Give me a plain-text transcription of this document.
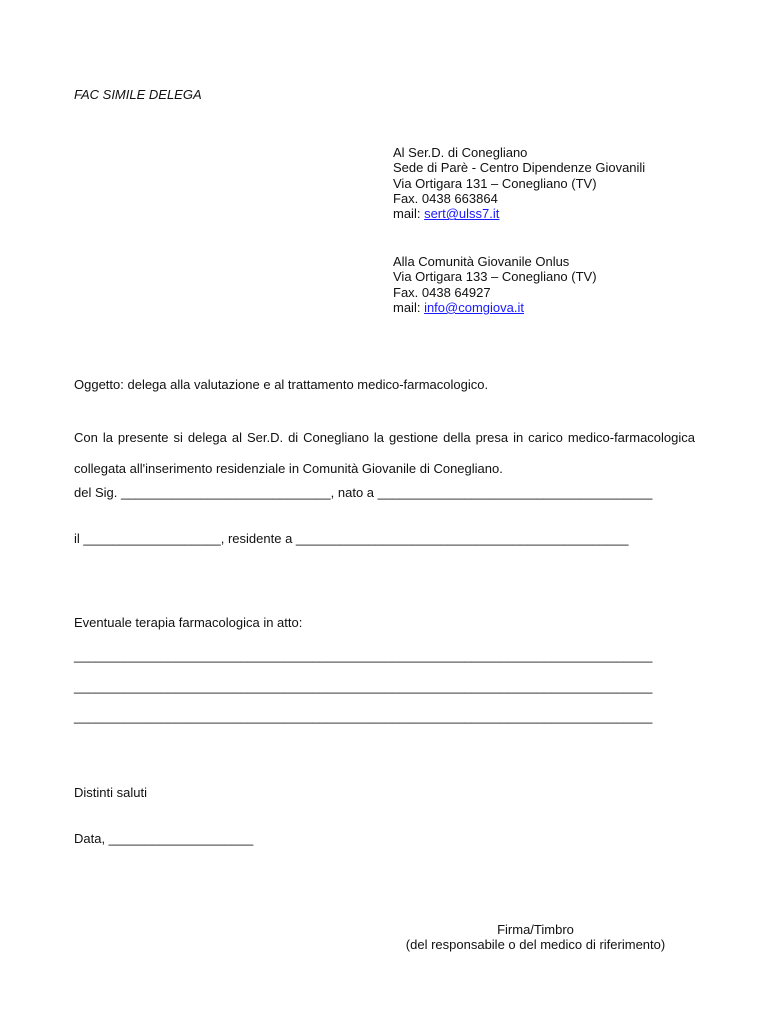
FAC SIMILE DELEGA
Al Ser.D. di Conegliano
Sede di Parè - Centro Dipendenze Giovanili
Via Ortigara 131 – Conegliano (TV)
Fax. 0438 663864
mail: sert@ulss7.it
Alla Comunità Giovanile Onlus
Via Ortigara 133 – Conegliano (TV)
Fax. 0438 64927
mail: info@comgiova.it
Oggetto: delega alla valutazione e al trattamento medico-farmacologico.
Con la presente si delega al Ser.D. di Conegliano la gestione della presa in carico medico-farmacologica collegata all'inserimento residenziale in Comunità Giovanile di Conegliano.
del Sig. _____________________________, nato a ______________________________________
il ___________________, residente a ______________________________________________
Eventuale terapia farmacologica in atto:
________________________________________________________________________________
________________________________________________________________________________
________________________________________________________________________________
Distinti saluti
Data, ____________________
Firma/Timbro
(del responsabile o del medico di riferimento)
